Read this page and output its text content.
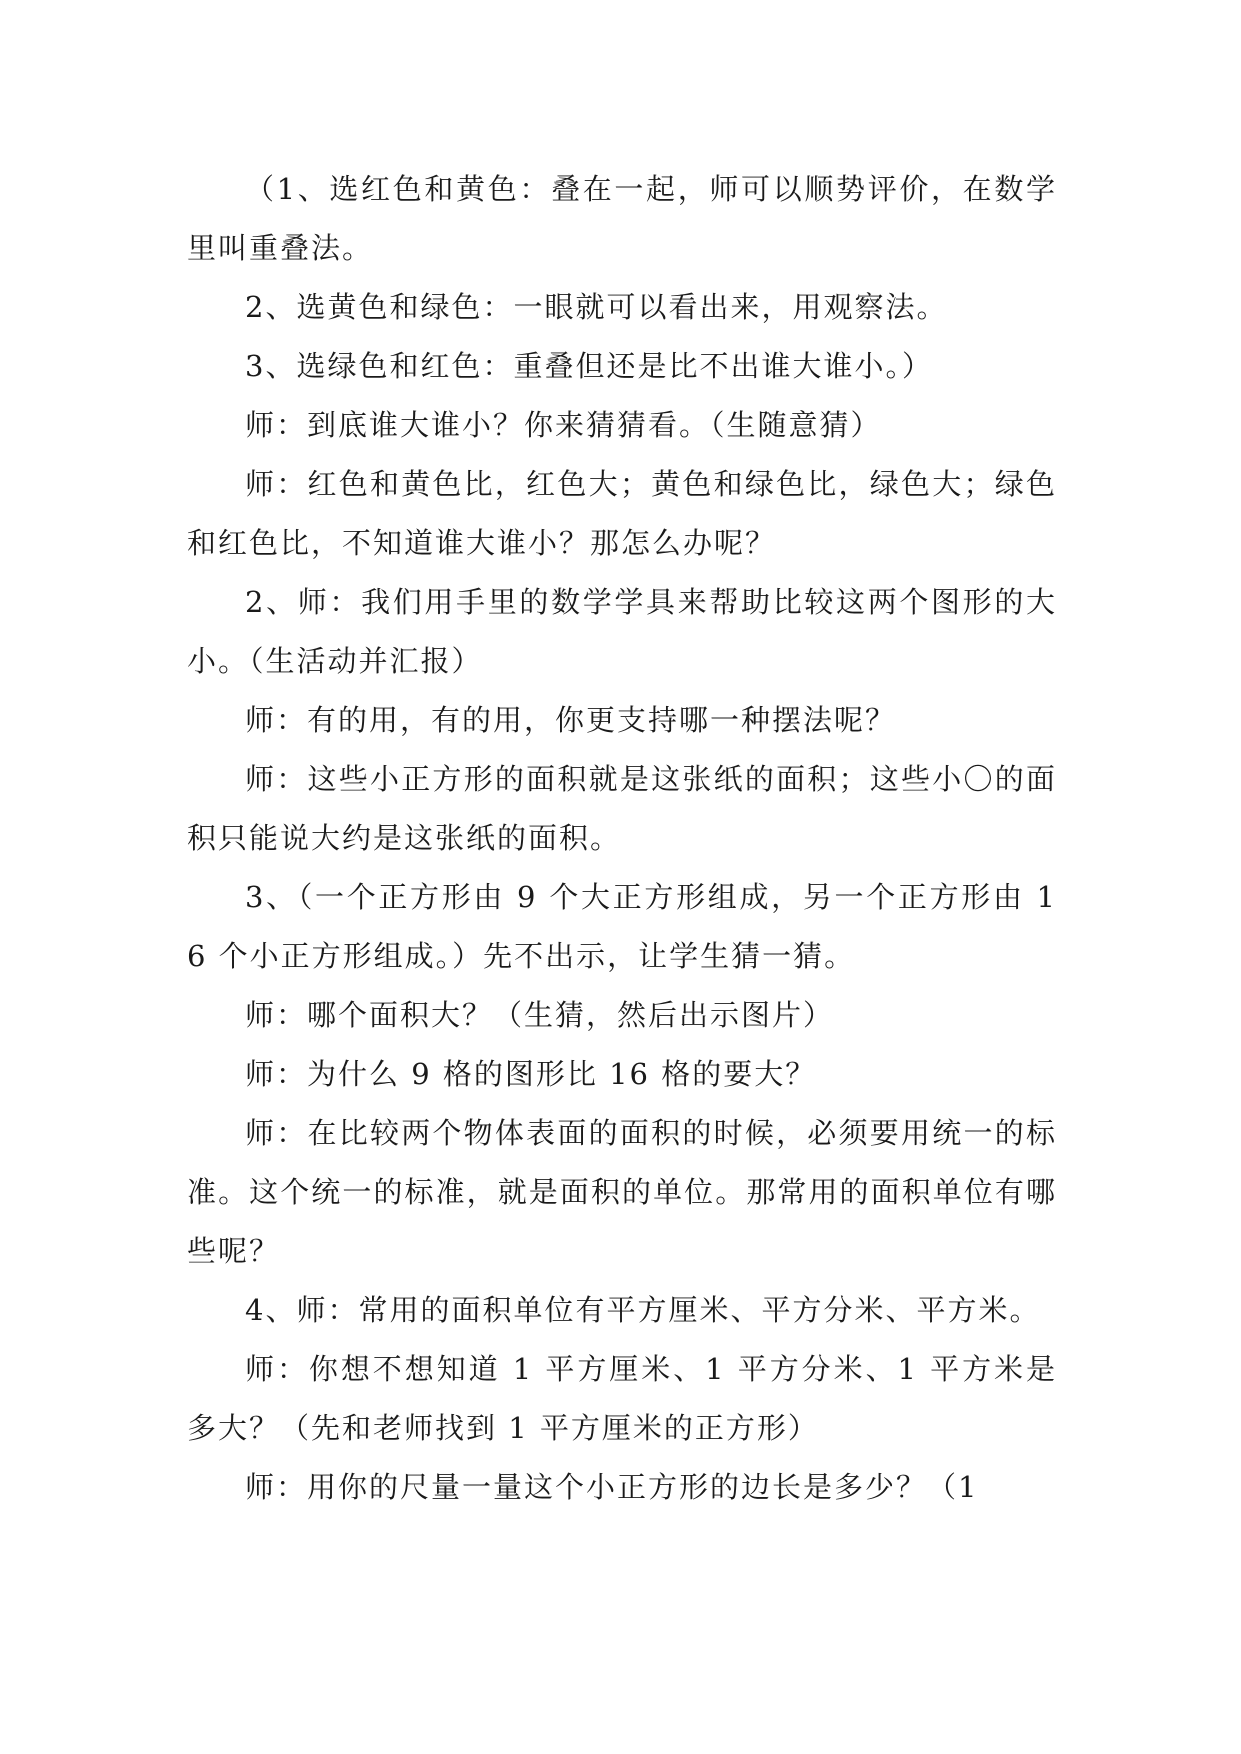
（1、选红色和黄色：叠在一起，师可以顺势评价，在数学里叫重叠法。

2、选黄色和绿色：一眼就可以看出来，用观察法。

3、选绿色和红色：重叠但还是比不出谁大谁小。）

师：到底谁大谁小？你来猜猜看。（生随意猜）

师：红色和黄色比，红色大；黄色和绿色比，绿色大；绿色和红色比，不知道谁大谁小？那怎么办呢？

2、师：我们用手里的数学学具来帮助比较这两个图形的大小。（生活动并汇报）

师：有的用，有的用，你更支持哪一种摆法呢？

师：这些小正方形的面积就是这张纸的面积；这些小〇的面积只能说大约是这张纸的面积。

3、（一个正方形由 9 个大正方形组成，另一个正方形由 16 个小正方形组成。）先不出示，让学生猜一猜。

师：哪个面积大？（生猜，然后出示图片）

师：为什么 9 格的图形比 16 格的要大？

师：在比较两个物体表面的面积的时候，必须要用统一的标准。这个统一的标准，就是面积的单位。那常用的面积单位有哪些呢？

4、师：常用的面积单位有平方厘米、平方分米、平方米。

师：你想不想知道 1 平方厘米、1 平方分米、1 平方米是多大？（先和老师找到 1 平方厘米的正方形）

师：用你的尺量一量这个小正方形的边长是多少？（1
